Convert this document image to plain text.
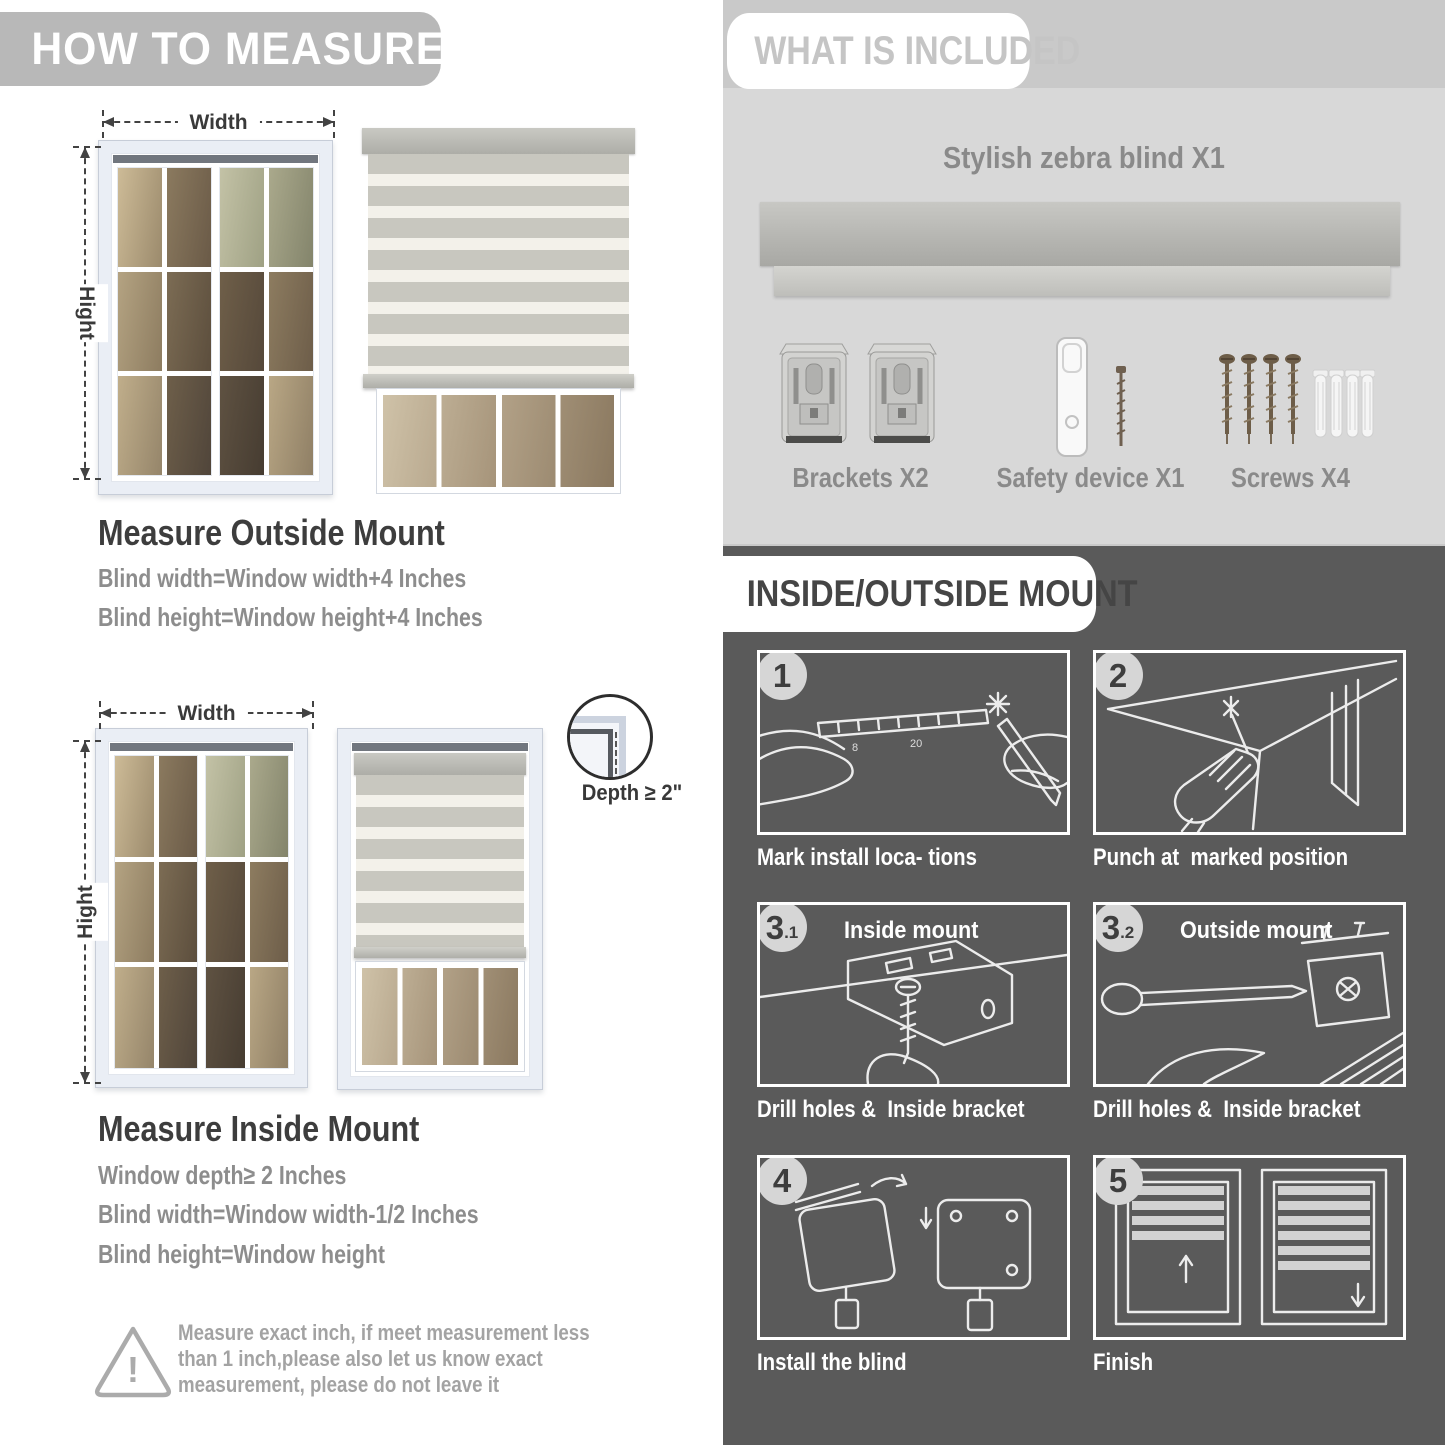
HOW TO MEASURE
Width
Hight
Measure Outside Mount
Blind width=Window width+4 Inches
Blind height=Window height+4 Inches
Width
Hight
Depth ≥ 2"
Measure Inside Mount
Window depth≥ 2 Inches
Blind width=Window width-1/2 Inches
Blind height=Window height
!
Measure exact inch, if meet measurement less than 1 inch,please also let us know exact measurement, please do not leave it
WHAT IS INCLUDED
Stylish zebra blind X1
Brackets X2	Safety device X1	Screws X4
INSIDE/OUTSIDE MOUNT
8	20
1
Mark install loca- tions
2
Punch at  marked position
3 .1 Inside mount
Drill holes &  Inside bracket
3 .2 Outside mount
Drill holes &  Inside bracket
4
Install the blind
5
Finish
